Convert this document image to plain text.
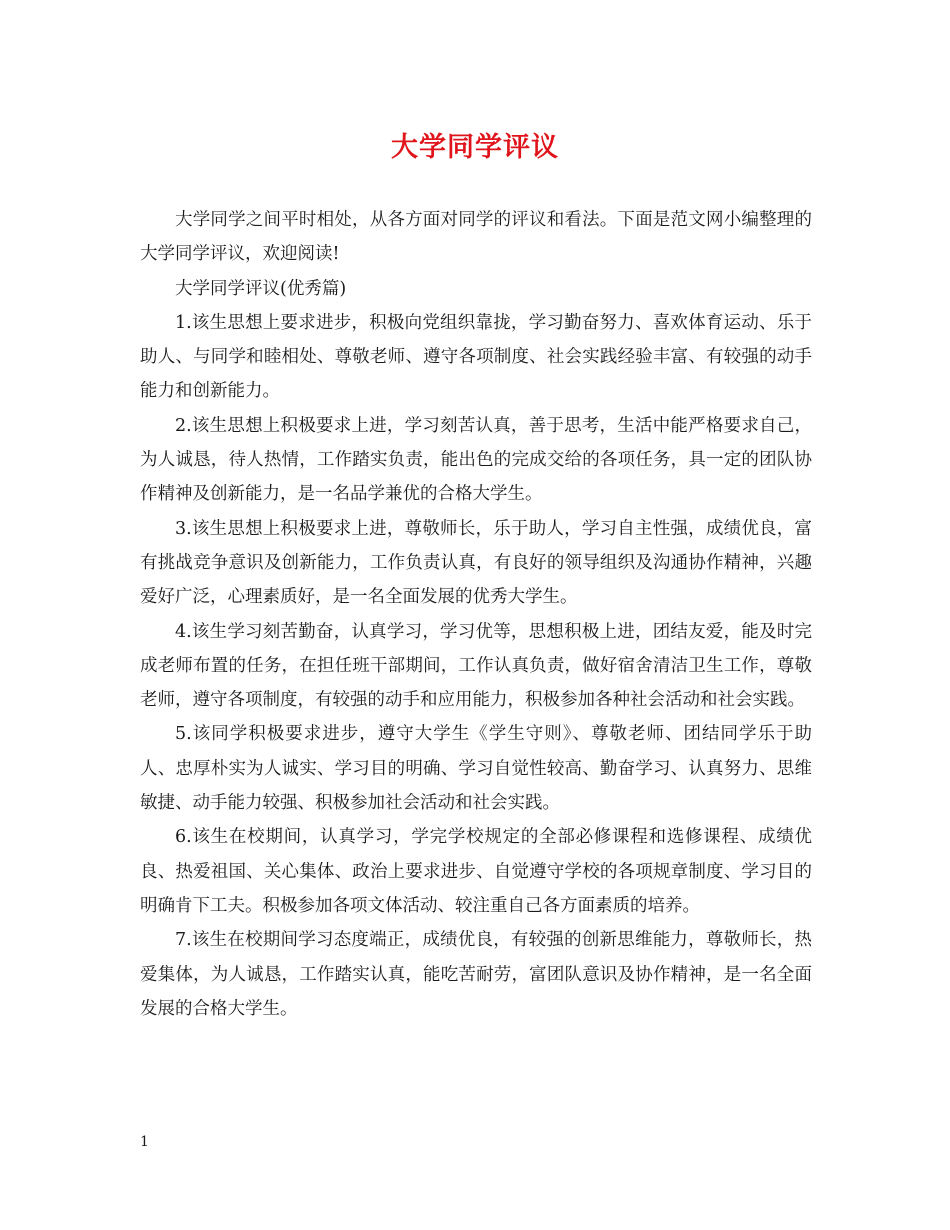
大学同学评议

大学同学之间平时相处，从各方面对同学的评议和看法。下面是范文网小编整理的大学同学评议，欢迎阅读!

大学同学评议(优秀篇)

1.该生思想上要求进步，积极向党组织靠拢，学习勤奋努力、喜欢体育运动、乐于助人、与同学和睦相处、尊敬老师、遵守各项制度、社会实践经验丰富、有较强的动手能力和创新能力。

2.该生思想上积极要求上进，学习刻苦认真，善于思考，生活中能严格要求自己，为人诚恳，待人热情，工作踏实负责，能出色的完成交给的各项任务，具一定的团队协作精神及创新能力，是一名品学兼优的合格大学生。

3.该生思想上积极要求上进，尊敬师长，乐于助人，学习自主性强，成绩优良，富有挑战竞争意识及创新能力，工作负责认真，有良好的领导组织及沟通协作精神，兴趣爱好广泛，心理素质好，是一名全面发展的优秀大学生。

4.该生学习刻苦勤奋，认真学习，学习优等，思想积极上进，团结友爱，能及时完成老师布置的任务，在担任班干部期间，工作认真负责，做好宿舍清洁卫生工作，尊敬老师，遵守各项制度，有较强的动手和应用能力，积极参加各种社会活动和社会实践。

5.该同学积极要求进步，遵守大学生《学生守则》、尊敬老师、团结同学乐于助人、忠厚朴实为人诚实、学习目的明确、学习自觉性较高、勤奋学习、认真努力、思维敏捷、动手能力较强、积极参加社会活动和社会实践。

6.该生在校期间，认真学习，学完学校规定的全部必修课程和选修课程、成绩优良、热爱祖国、关心集体、政治上要求进步、自觉遵守学校的各项规章制度、学习目的明确肯下工夫。积极参加各项文体活动、较注重自己各方面素质的培养。

7.该生在校期间学习态度端正，成绩优良，有较强的创新思维能力，尊敬师长，热爱集体，为人诚恳，工作踏实认真，能吃苦耐劳，富团队意识及协作精神，是一名全面发展的合格大学生。

1
